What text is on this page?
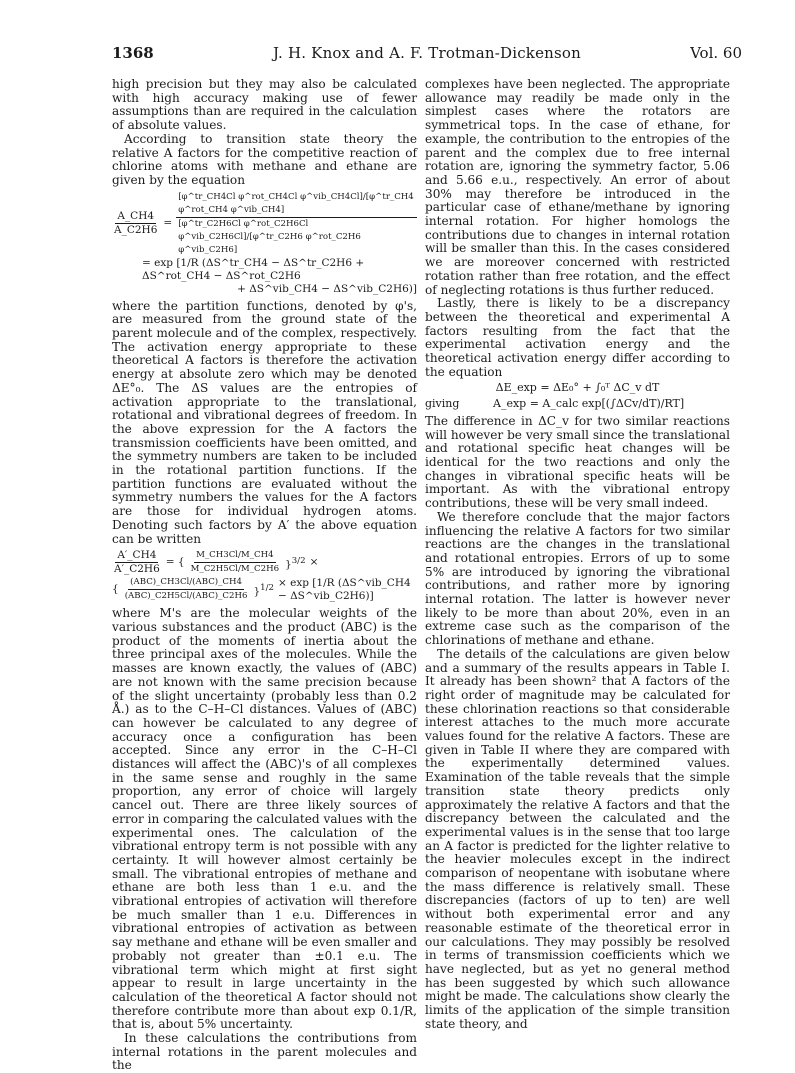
1368	J. H. Knox and A. F. Trotman-Dickenson	Vol. 60

high precision but they may also be calculated with high accuracy making use of fewer assumptions than are required in the calculation of absolute values.

According to transition state theory the relative A factors for the competitive reaction of chlorine atoms with methane and ethane are given by the equation

$\frac{A\_CH4}{A\_C2H6}$ =
[φ^tr_CH4Cl φ^rot_CH4Cl φ^vib_CH4Cl]/[φ^tr_CH4 φ^rot_CH4 φ^vib_CH4]
[φ^tr_C2H6Cl φ^rot_C2H6Cl φ^vib_C2H6Cl]/[φ^tr_C2H6 φ^rot_C2H6 φ^vib_C2H6]
= exp [1/R (ΔS^tr_CH4 − ΔS^tr_C2H6 + ΔS^rot_CH4 − ΔS^rot_C2H6
+ ΔS^vib_CH4 − ΔS^vib_C2H6)]

where the partition functions, denoted by φ's, are measured from the ground state of the parent molecule and of the complex, respectively. The activation energy appropriate to these theoretical A factors is therefore the activation energy at absolute zero which may be denoted ΔE°₀. The ΔS values are the entropies of activation appropriate to the translational, rotational and vibrational degrees of freedom. In the above expression for the A factors the transmission coefficients have been omitted, and the symmetry numbers are taken to be included in the rotational partition functions. If the partition functions are evaluated without the symmetry numbers the values for the A factors are those for individual hydrogen atoms. Denoting such factors by A′ the above equation can be written

$\frac{A'\_CH4}{A'\_C2H6}$ = { $\frac{M\_CH3Cl/M\_CH4}{M\_C2H5Cl/M\_C2H6} \}^{3/2}$ ×
{ $\frac{\text{(ABC)\_CH3Cl/(ABC)\_CH4}}{\text{(ABC)\_C2H5Cl/(ABC)\_C2H6}} \}^{1/2} \times \exp [1/R$ (ΔS^vib_CH4 − ΔS^vib_C2H6)]

where M's are the molecular weights of the various substances and the product (ABC) is the product of the moments of inertia about the three principal axes of the molecules. While the masses are known exactly, the values of (ABC) are not known with the same precision because of the slight uncertainty (probably less than 0.2 Å.) as to the C–H–Cl distances. Values of (ABC) can however be calculated to any degree of accuracy once a configuration has been accepted. Since any error in the C–H–Cl distances will affect the (ABC)'s of all complexes in the same sense and roughly in the same proportion, any error of choice will largely cancel out. There are three likely sources of error in comparing the calculated values with the experimental ones. The calculation of the vibrational entropy term is not possible with any certainty. It will however almost certainly be small. The vibrational entropies of methane and ethane are both less than 1 e.u. and the vibrational entropies of activation will therefore be much smaller than 1 e.u. Differences in vibrational entropies of activation as between say methane and ethane will be even smaller and probably not greater than ±0.1 e.u. The vibrational term which might at first sight appear to result in large uncertainty in the calculation of the theoretical A factor should not therefore contribute more than about exp 0.1/R, that is, about 5% uncertainty.

In these calculations the contributions from internal rotations in the parent molecules and the

complexes have been neglected. The appropriate allowance may readily be made only in the simplest cases where the rotators are symmetrical tops. In the case of ethane, for example, the contribution to the entropies of the parent and the complex due to free internal rotation are, ignoring the symmetry factor, 5.06 and 5.66 e.u., respectively. An error of about 30% may therefore be introduced in the particular case of ethane/methane by ignoring internal rotation. For higher homologs the contributions due to changes in internal rotation will be smaller than this. In the cases considered we are moreover concerned with restricted rotation rather than free rotation, and the effect of neglecting rotations is thus further reduced.

Lastly, there is likely to be a discrepancy between the theoretical and experimental A factors resulting from the fact that the experimental activation energy and the theoretical activation energy differ according to the equation

ΔE_exp = ΔE₀° + ∫₀ᵀ ΔC_v dT
giving	A_exp = A_calc exp[(∫ΔCv/dT)/RT]

The difference in ΔC_v for two similar reactions will however be very small since the translational and rotational specific heat changes will be identical for the two reactions and only the changes in vibrational specific heats will be important. As with the vibrational entropy contributions, these will be very small indeed.

We therefore conclude that the major factors influencing the relative A factors for two similar reactions are the changes in the translational and rotational entropies. Errors of up to some 5% are introduced by ignoring the vibrational contributions, and rather more by ignoring internal rotation. The latter is however never likely to be more than about 20%, even in an extreme case such as the comparison of the chlorinations of methane and ethane.

The details of the calculations are given below and a summary of the results appears in Table I. It already has been shown² that A factors of the right order of magnitude may be calculated for these chlorination reactions so that considerable interest attaches to the much more accurate values found for the relative A factors. These are given in Table II where they are compared with the experimentally determined values. Examination of the table reveals that the simple transition state theory predicts only approximately the relative A factors and that the discrepancy between the calculated and the experimental values is in the sense that too large an A factor is predicted for the lighter relative to the heavier molecules except in the indirect comparison of neopentane with isobutane where the mass difference is relatively small. These discrepancies (factors of up to ten) are well without both experimental error and any reasonable estimate of the theoretical error in our calculations. They may possibly be resolved in terms of transmission coefficients which we have neglected, but as yet no general method has been suggested by which such allowance might be made. The calculations show clearly the limits of the application of the simple transition state theory, and
